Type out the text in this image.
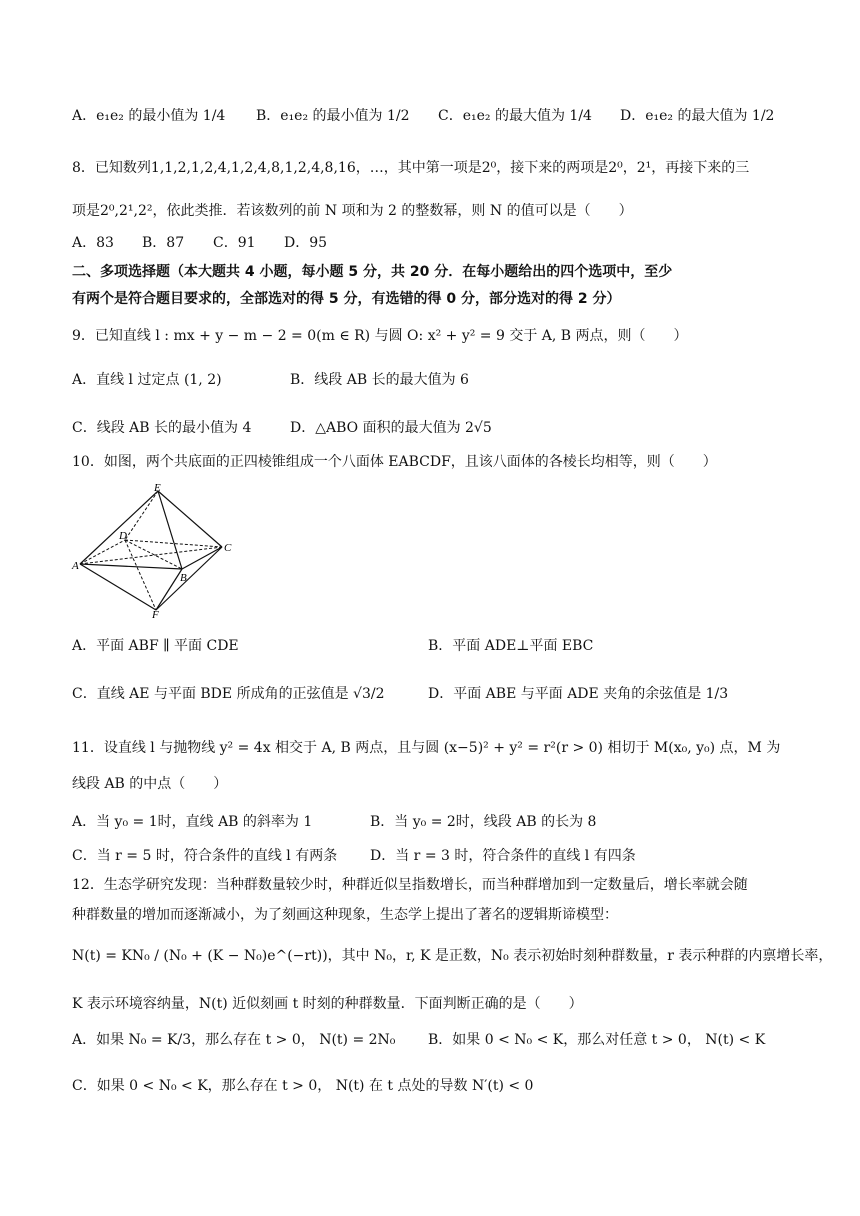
A．e₁e₂ 的最小值为 1/4 B．e₁e₂ 的最小值为 1/2 C．e₁e₂ 的最大值为 1/4 D．e₁e₂ 的最大值为 1/2
8．已知数列1,1,2,1,2,4,1,2,4,8,1,2,4,8,16，…，其中第一项是2⁰，接下来的两项是2⁰，2¹，再接下来的三
项是2⁰,2¹,2²，依此类推．若该数列的前 N 项和为 2 的整数幂，则 N 的值可以是（　　）
A．83 B．87 C．91 D．95
二、多项选择题（本大题共 4 小题，每小题 5 分，共 20 分．在每小题给出的四个选项中，至少
有两个是符合题目要求的，全部选对的得 5 分，有选错的得 0 分，部分选对的得 2 分）
9．已知直线 l : mx + y − m − 2 = 0(m ∈ R) 与圆 O: x² + y² = 9 交于 A, B 两点，则（　　）
A．直线 l 过定点 (1, 2)	B．线段 AB 长的最大值为 6
C．线段 AB 长的最小值为 4	D．△ABO 面积的最大值为 2√5
10．如图，两个共底面的正四棱锥组成一个八面体 EABCDF，且该八面体的各棱长均相等，则（　　）
E
D
C
A
B
F
A．平面 ABF ∥ 平面 CDE	B．平面 ADE⊥平面 EBC
C．直线 AE 与平面 BDE 所成角的正弦值是 √3/2	D．平面 ABE 与平面 ADE 夹角的余弦值是 1/3
11．设直线 l 与抛物线 y² = 4x 相交于 A, B 两点，且与圆 (x−5)² + y² = r²(r > 0) 相切于 M(x₀, y₀) 点，M 为
线段 AB 的中点（　　）
A．当 y₀ = 1时，直线 AB 的斜率为 1	B．当 y₀ = 2时，线段 AB 的长为 8
C．当 r = 5 时，符合条件的直线 l 有两条 D．当 r = 3 时，符合条件的直线 l 有四条
12．生态学研究发现：当种群数量较少时，种群近似呈指数增长，而当种群增加到一定数量后，增长率就会随
种群数量的增加而逐渐减小，为了刻画这种现象，生态学上提出了著名的逻辑斯谛模型：
N(t) = KN₀ / (N₀ + (K − N₀)e^(−rt))，其中 N₀，r, K 是正数，N₀ 表示初始时刻种群数量，r 表示种群的内禀增长率，
K 表示环境容纳量，N(t) 近似刻画 t 时刻的种群数量．下面判断正确的是（　　）
A．如果 N₀ = K/3，那么存在 t > 0， N(t) = 2N₀ B．如果 0 < N₀ < K，那么对任意 t > 0， N(t) < K
C．如果 0 < N₀ < K，那么存在 t > 0， N(t) 在 t 点处的导数 N′(t) < 0
